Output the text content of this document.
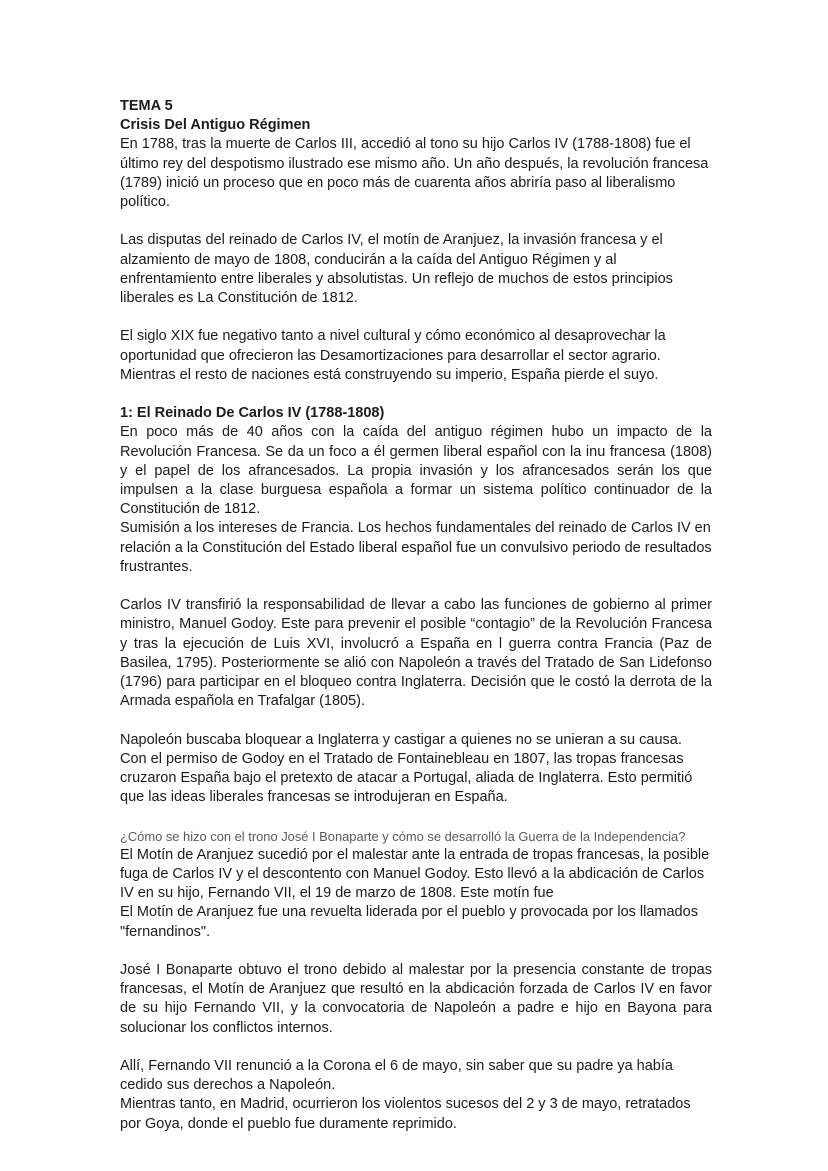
TEMA 5

Crisis Del Antiguo Régimen

En 1788, tras la muerte de Carlos III, accedió al tono su hijo Carlos IV (1788-1808) fue el último rey del despotismo ilustrado ese mismo año. Un año después, la revolución francesa (1789) inició un proceso que en poco más de cuarenta años abriría paso al liberalismo político.

Las disputas del reinado de Carlos IV, el motín de Aranjuez, la invasión francesa y el alzamiento de mayo de 1808, conducirán a la caída del Antiguo Régimen y al enfrentamiento entre liberales y absolutistas. Un reflejo de muchos de estos principios liberales es La Constitución de 1812.

El siglo XIX fue negativo tanto a nivel cultural y cómo económico al desaprovechar la oportunidad que ofrecieron las Desamortizaciones para desarrollar el sector agrario. Mientras el resto de naciones está construyendo su imperio, España pierde el suyo.

1: El Reinado De Carlos IV (1788-1808)

En poco más de 40 años con la caída del antiguo régimen hubo un impacto de la Revolución Francesa. Se da un foco a él germen liberal español con la inu francesa (1808) y el papel de los afrancesados. La propia invasión y los afrancesados serán los que impulsen a la clase burguesa española a formar un sistema político continuador de la Constitución de 1812.

Sumisión a los intereses de Francia. Los hechos fundamentales del reinado de Carlos IV en relación a la Constitución del Estado liberal español fue un convulsivo periodo de resultados frustrantes.

Carlos IV transfirió la responsabilidad de llevar a cabo las funciones de gobierno al primer ministro, Manuel Godoy. Este para prevenir el posible “contagio” de la Revolución Francesa y tras la ejecución de Luis XVI, involucró a España en l guerra contra Francia (Paz de Basilea, 1795). Posteriormente se alió con Napoleón a través del Tratado de San Lidefonso (1796) para participar en el bloqueo contra Inglaterra. Decisión que le costó la derrota de la Armada española en Trafalgar (1805).

Napoleón buscaba bloquear a Inglaterra y castigar a quienes no se unieran a su causa. Con el permiso de Godoy en el Tratado de Fontainebleau en 1807, las tropas francesas cruzaron España bajo el pretexto de atacar a Portugal, aliada de Inglaterra. Esto permitió que las ideas liberales francesas se introdujeran en España.

¿Cómo se hizo con el trono José I Bonaparte y cómo se desarrolló la Guerra de la Independencia?

El Motín de Aranjuez sucedió por el malestar ante la entrada de tropas francesas, la posible fuga de Carlos IV y el descontento con Manuel Godoy. Esto llevó a la abdicación de Carlos IV en su hijo, Fernando VII, el 19 de marzo de 1808. Este motín fue

El Motín de Aranjuez fue una revuelta liderada por el pueblo y provocada por los llamados "fernandinos".

José I Bonaparte obtuvo el trono debido al malestar por la presencia constante de tropas francesas, el Motín de Aranjuez que resultó en la abdicación forzada de Carlos IV en favor de su hijo Fernando VII, y la convocatoria de Napoleón a padre e hijo en Bayona para solucionar los conflictos internos.

Allí, Fernando VII renunció a la Corona el 6 de mayo, sin saber que su padre ya había cedido sus derechos a Napoleón.

Mientras tanto, en Madrid, ocurrieron los violentos sucesos del 2 y 3 de mayo, retratados por Goya, donde el pueblo fue duramente reprimido.
